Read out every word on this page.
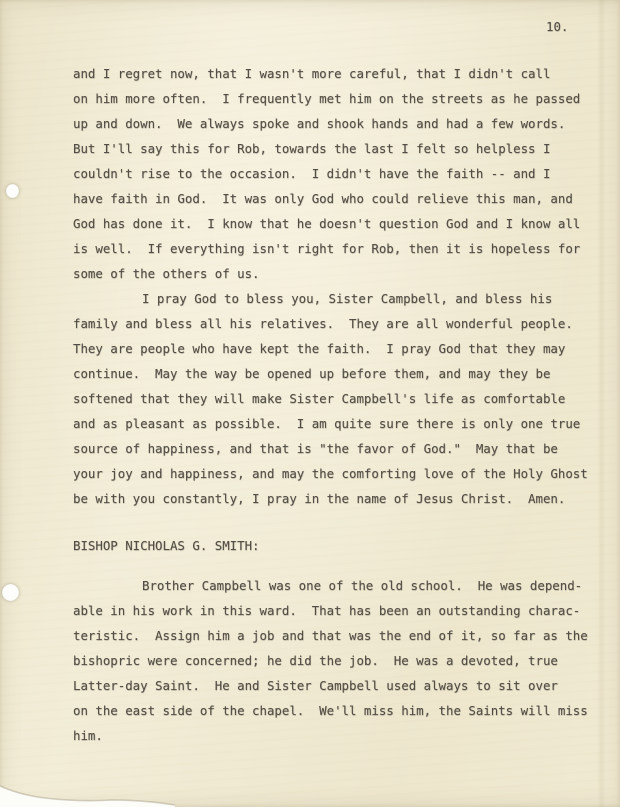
10.
and I regret now, that I wasn't more careful, that I didn't call
on him more often.  I frequently met him on the streets as he passed
up and down.  We always spoke and shook hands and had a few words.
But I'll say this for Rob, towards the last I felt so helpless I
couldn't rise to the occasion.  I didn't have the faith -- and I
have faith in God.  It was only God who could relieve this man, and
God has done it.  I know that he doesn't question God and I know all
is well.  If everything isn't right for Rob, then it is hopeless for
some of the others of us.
I pray God to bless you, Sister Campbell, and bless his
family and bless all his relatives.  They are all wonderful people.
They are people who have kept the faith.  I pray God that they may
continue.  May the way be opened up before them, and may they be
softened that they will make Sister Campbell's life as comfortable
and as pleasant as possible.  I am quite sure there is only one true
source of happiness, and that is "the favor of God."  May that be
your joy and happiness, and may the comforting love of the Holy Ghost
be with you constantly, I pray in the name of Jesus Christ.  Amen.
BISHOP NICHOLAS G. SMITH:
Brother Campbell was one of the old school.  He was depend-
able in his work in this ward.  That has been an outstanding charac-
teristic.  Assign him a job and that was the end of it, so far as the
bishopric were concerned; he did the job.  He was a devoted, true
Latter-day Saint.  He and Sister Campbell used always to sit over
on the east side of the chapel.  We'll miss him, the Saints will miss
him.
